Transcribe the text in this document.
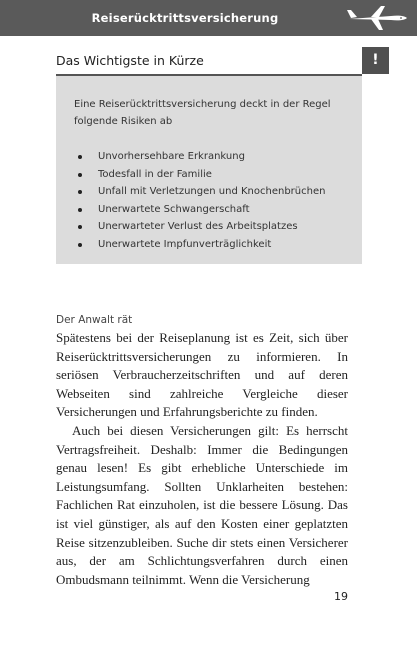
Reiserücktrittsversicherung
Das Wichtigste in Kürze	!
Eine Reiserücktrittsversicherung deckt in der Regel folgende Risiken ab
Unvorhersehbare Erkrankung
Todesfall in der Familie
Unfall mit Verletzungen und Knochenbrüchen
Unerwartete Schwangerschaft
Unerwarteter Verlust des Arbeitsplatzes
Unerwartete Impfunverträglichkeit
Der Anwalt rät

Spätestens bei der Reiseplanung ist es Zeit, sich über Reiserücktrittsversicherungen zu informieren. In seriösen Verbraucherzeitschriften und auf deren Webseiten sind zahlreiche Vergleiche dieser Versicherungen und Erfahrungsberichte zu finden.

Auch bei diesen Versicherungen gilt: Es herrscht Vertragsfreiheit. Deshalb: Immer die Bedingungen genau lesen! Es gibt erhebliche Unterschiede im Leistungsumfang. Sollten Unklarheiten bestehen: Fachlichen Rat einzuholen, ist die bessere Lösung. Das ist viel günstiger, als auf den Kosten einer geplatzten Reise sitzenzubleiben. Suche dir stets einen Versicherer aus, der am Schlichtungsverfahren durch einen Ombudsmann teilnimmt. Wenn die Versicherung

19
